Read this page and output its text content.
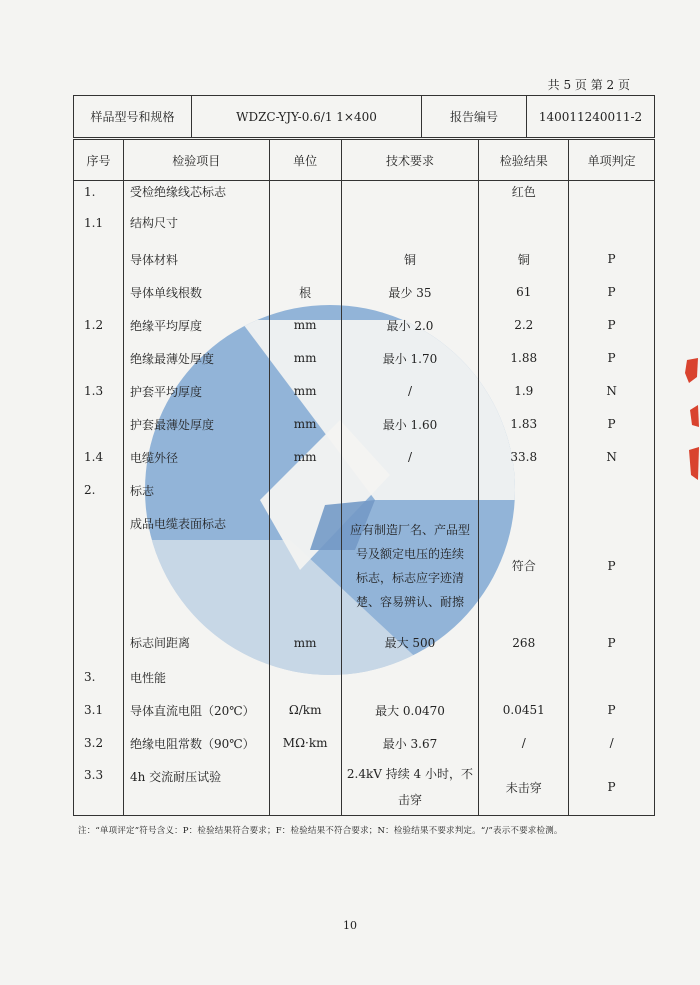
共 5 页 第 2 页
样品型号和规格	WDZC-YJY-0.6/1 1×400	报告编号	140011240011-2
序号	检验项目	单位	技术要求	检验结果	单项判定
1.	受检绝缘线芯标志			红色	
1.1	结构尺寸				
	导体材料		铜	铜	P
	导体单线根数	根	最少 35	61	P
1.2	绝缘平均厚度	mm	最小 2.0	2.2	P
	绝缘最薄处厚度	mm	最小 1.70	1.88	P
1.3	护套平均厚度	mm	/	1.9	N
	护套最薄处厚度	mm	最小 1.60	1.83	P
1.4	电缆外径	mm	/	33.8	N
2.	标志				
	成品电缆表面标志		应有制造厂名、产品型
号及额定电压的连续
标志，标志应字迹清
楚、容易辨认、耐擦	符合	P
	标志间距离	mm	最大 500	268	P
3.	电性能				
3.1	导体直流电阻（20℃）	Ω/km	最大 0.0470	0.0451	P
3.2	绝缘电阻常数（90℃）	MΩ·km	最小 3.67	/	/
3.3	4h 交流耐压试验		2.4kV 持续 4 小时，不
击穿	未击穿	P
注：“单项评定”符号含义：P：检验结果符合要求；F：检验结果不符合要求；N：检验结果不要求判定。“/”表示不要求检测。
10
